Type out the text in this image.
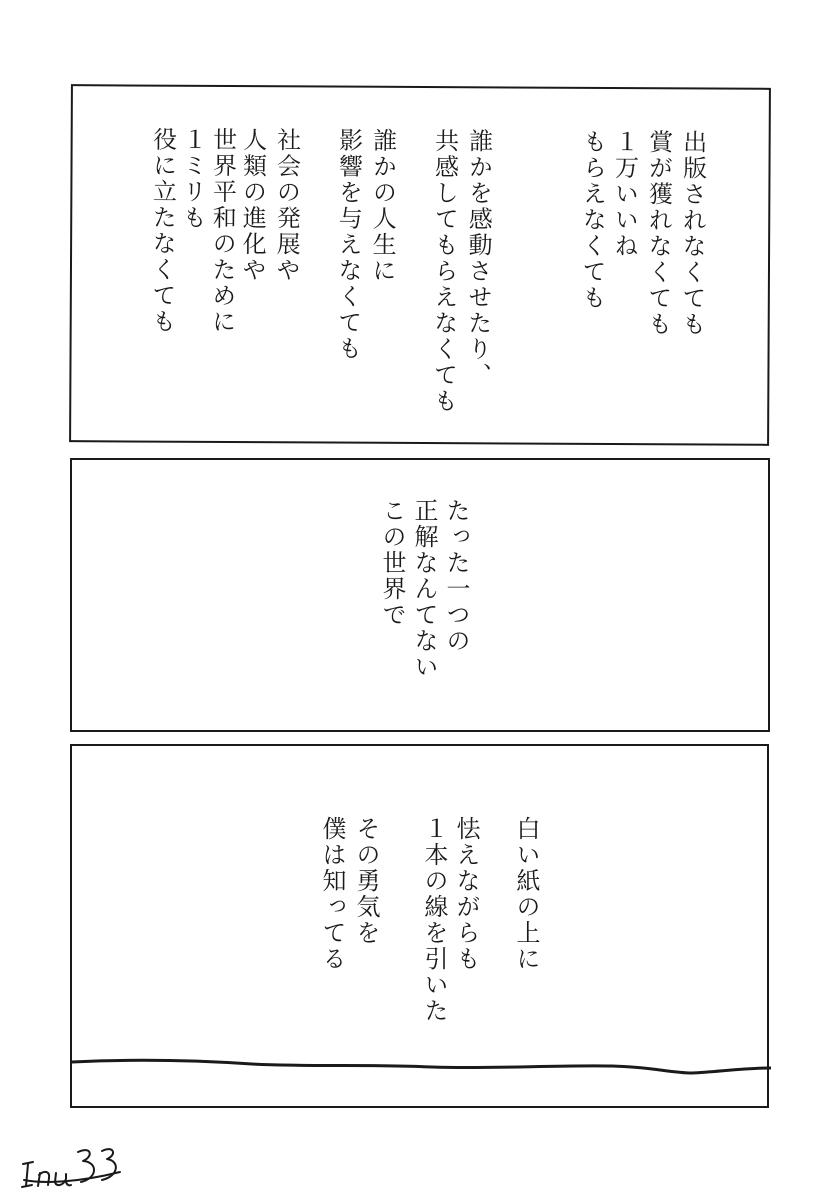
出版されなくても

賞が獲れなくても

１万いいね

もらえなくても

誰かを感動させたり、

共感してもらえなくても

誰かの人生に

影響を与えなくても

社会の発展や

人類の進化や

世界平和のために

１ミリも

役に立たなくても

たった一つの

正解なんてない

この世界で

白い紙の上に

怯えながらも

１本の線を引いた

その勇気を

僕は知ってる
